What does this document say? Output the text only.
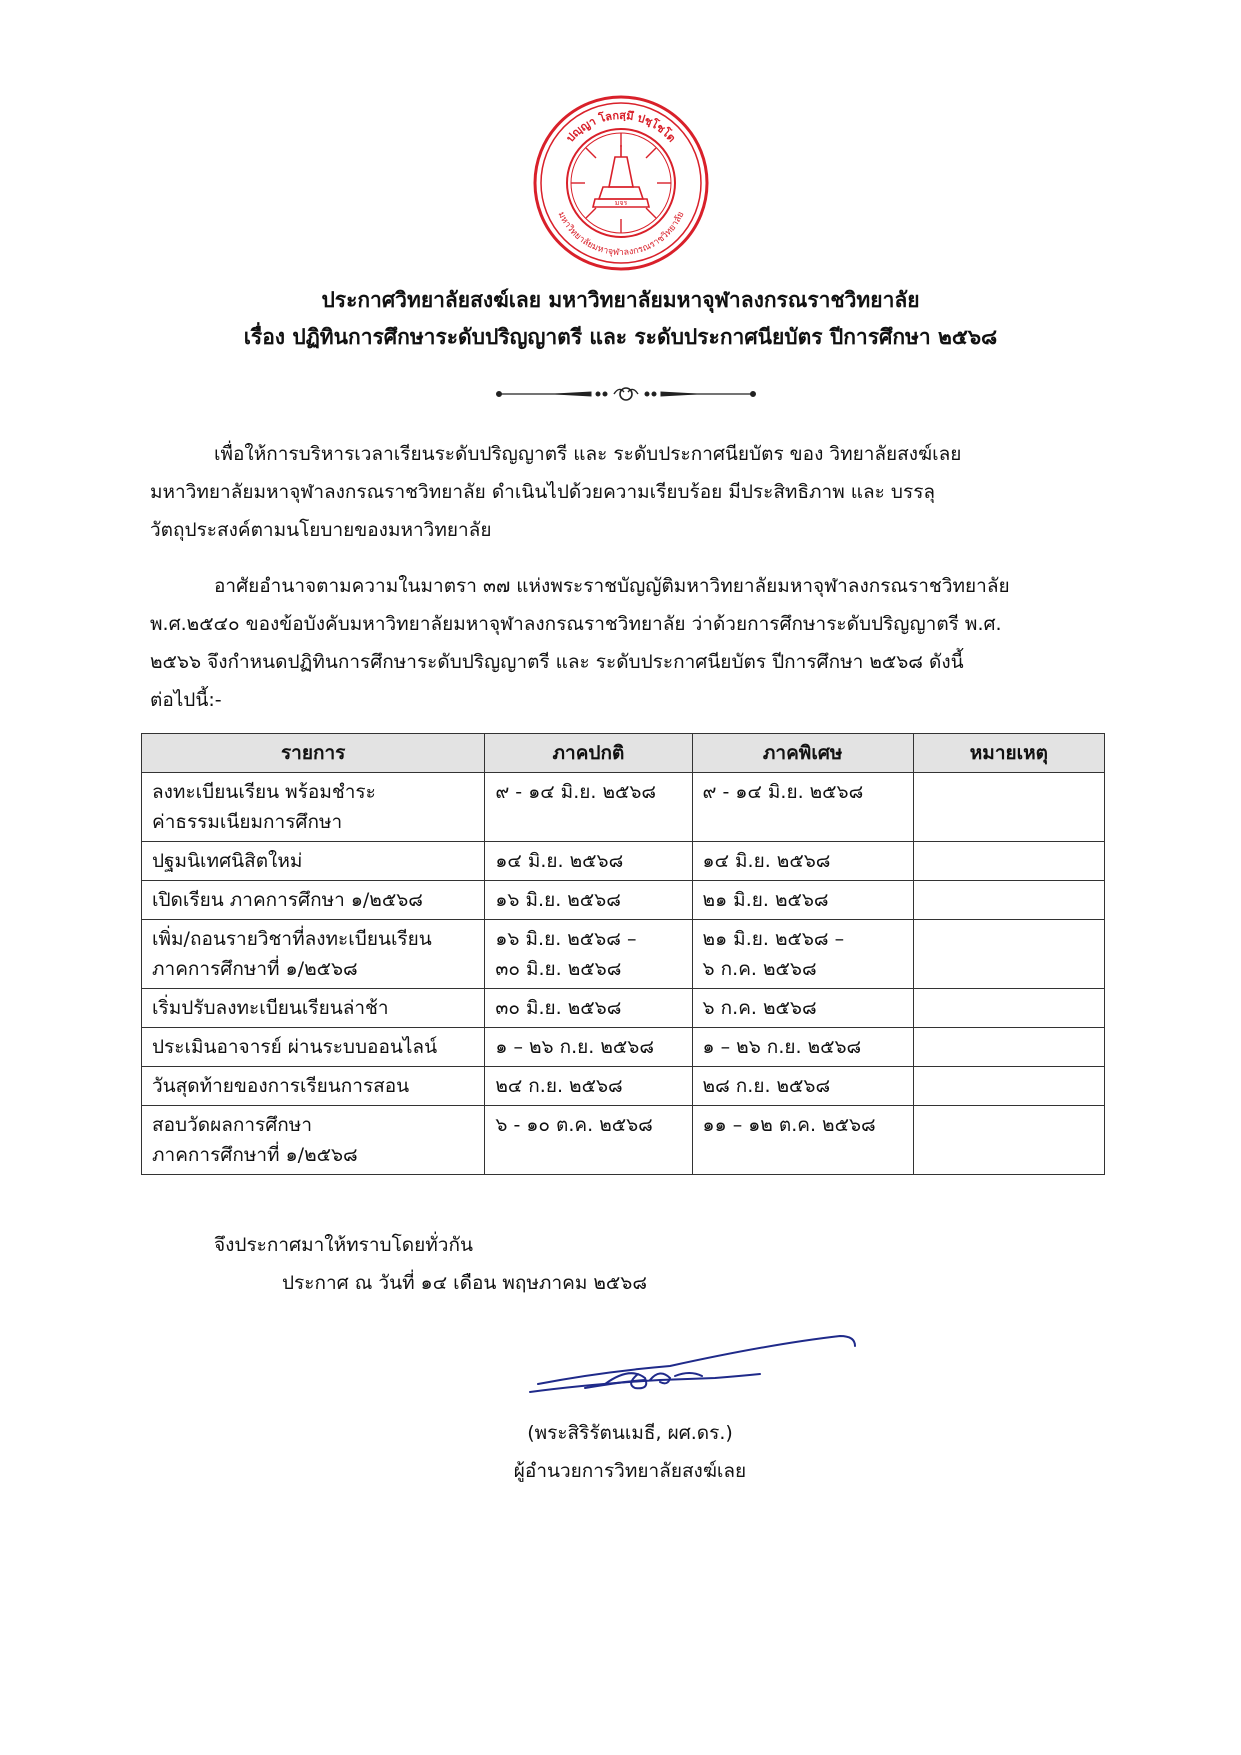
ปญฺญา โลกสฺมึ ปชฺโชโต
มหาวิทยาลัยมหาจุฬาลงกรณราชวิทยาลัย
มจร
ประกาศวิทยาลัยสงฆ์เลย มหาวิทยาลัยมหาจุฬาลงกรณราชวิทยาลัย
เรื่อง ปฏิทินการศึกษาระดับปริญญาตรี และ ระดับประกาศนียบัตร ปีการศึกษา ๒๕๖๘
เพื่อให้การบริหารเวลาเรียนระดับปริญญาตรี และ ระดับประกาศนียบัตร ของ วิทยาลัยสงฆ์เลย
มหาวิทยาลัยมหาจุฬาลงกรณราชวิทยาลัย ดำเนินไปด้วยความเรียบร้อย มีประสิทธิภาพ และ บรรลุ
วัตถุประสงค์ตามนโยบายของมหาวิทยาลัย
อาศัยอำนาจตามความในมาตรา ๓๗ แห่งพระราชบัญญัติมหาวิทยาลัยมหาจุฬาลงกรณราชวิทยาลัย
พ.ศ.๒๕๔๐ ของข้อบังคับมหาวิทยาลัยมหาจุฬาลงกรณราชวิทยาลัย ว่าด้วยการศึกษาระดับปริญญาตรี พ.ศ.
๒๕๖๖ จึงกำหนดปฏิทินการศึกษาระดับปริญญาตรี และ ระดับประกาศนียบัตร ปีการศึกษา ๒๕๖๘ ดังนี้
ต่อไปนี้:-
รายการ	ภาคปกติ	ภาคพิเศษ	หมายเหตุ

ลงทะเบียนเรียน พร้อมชำระ
ค่าธรรมเนียมการศึกษา	๙ - ๑๔ มิ.ย. ๒๕๖๘	๙ - ๑๔ มิ.ย. ๒๕๖๘	

ปฐมนิเทศนิสิตใหม่	๑๔ มิ.ย. ๒๕๖๘	๑๔ มิ.ย. ๒๕๖๘	

เปิดเรียน ภาคการศึกษา ๑/๒๕๖๘	๑๖ มิ.ย. ๒๕๖๘	๒๑ มิ.ย. ๒๕๖๘	

เพิ่ม/ถอนรายวิชาที่ลงทะเบียนเรียน
ภาคการศึกษาที่ ๑/๒๕๖๘	๑๖ มิ.ย. ๒๕๖๘ –
๓๐ มิ.ย. ๒๕๖๘	๒๑ มิ.ย. ๒๕๖๘ –
๖ ก.ค. ๒๕๖๘	

เริ่มปรับลงทะเบียนเรียนล่าช้า	๓๐ มิ.ย. ๒๕๖๘	๖ ก.ค. ๒๕๖๘	

ประเมินอาจารย์ ผ่านระบบออนไลน์	๑ – ๒๖ ก.ย. ๒๕๖๘	๑ – ๒๖ ก.ย. ๒๕๖๘	

วันสุดท้ายของการเรียนการสอน	๒๔ ก.ย. ๒๕๖๘	๒๘ ก.ย. ๒๕๖๘	

สอบวัดผลการศึกษา
ภาคการศึกษาที่ ๑/๒๕๖๘	๖ - ๑๐ ต.ค. ๒๕๖๘	๑๑ – ๑๒ ต.ค. ๒๕๖๘	

จึงประกาศมาให้ทราบโดยทั่วกัน
ประกาศ ณ วันที่ ๑๔ เดือน พฤษภาคม ๒๕๖๘
(พระสิริรัตนเมธี, ผศ.ดร.)
ผู้อำนวยการวิทยาลัยสงฆ์เลย
